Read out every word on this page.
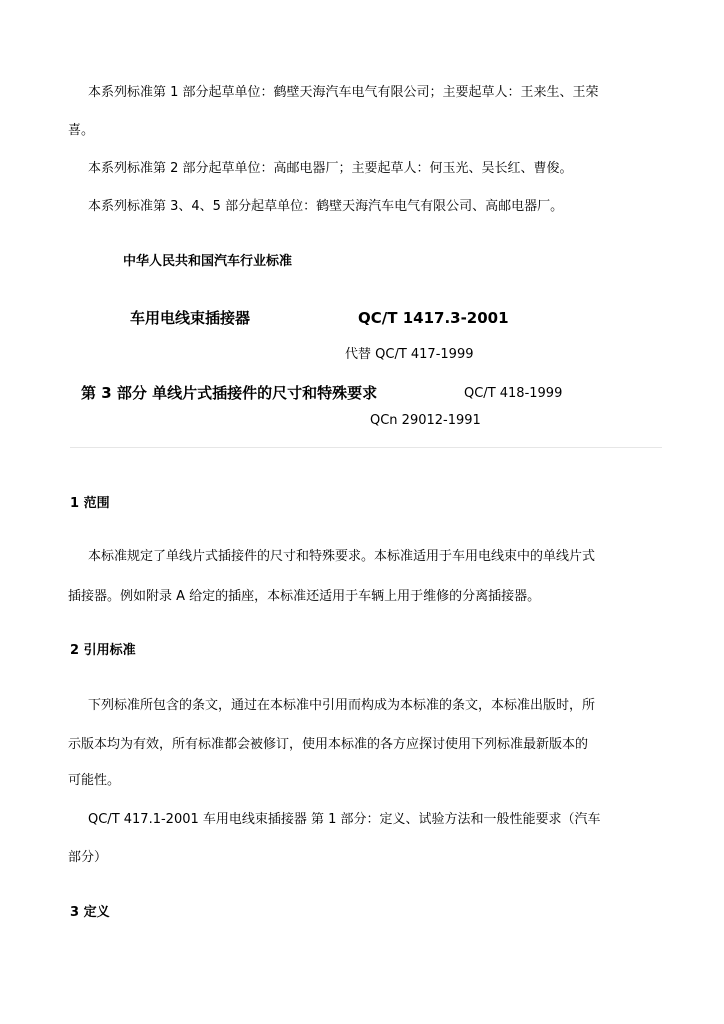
本系列标准第 1 部分起草单位：鹤壁天海汽车电气有限公司；主要起草人：王来生、王荣
喜。
本系列标准第 2 部分起草单位：高邮电器厂；主要起草人：何玉光、吴长红、曹俊。
本系列标准第 3、4、5 部分起草单位：鹤壁天海汽车电气有限公司、高邮电器厂。
中华人民共和国汽车行业标准
车用电线束插接器	QC/T 1417.3-2001
代替 QC/T 417-1999
第 3 部分 单线片式插接件的尺寸和特殊要求	QC/T 418-1999
QCn 29012-1991
1 范围
本标准规定了单线片式插接件的尺寸和特殊要求。本标准适用于车用电线束中的单线片式
插接器。例如附录 A 给定的插座，本标准还适用于车辆上用于维修的分离插接器。
2 引用标准
下列标准所包含的条文，通过在本标准中引用而构成为本标准的条文，本标准出版时，所
示版本均为有效，所有标准都会被修订，使用本标准的各方应探讨使用下列标准最新版本的
可能性。
QC/T 417.1-2001 车用电线束插接器 第 1 部分：定义、试验方法和一般性能要求（汽车
部分）
3 定义
